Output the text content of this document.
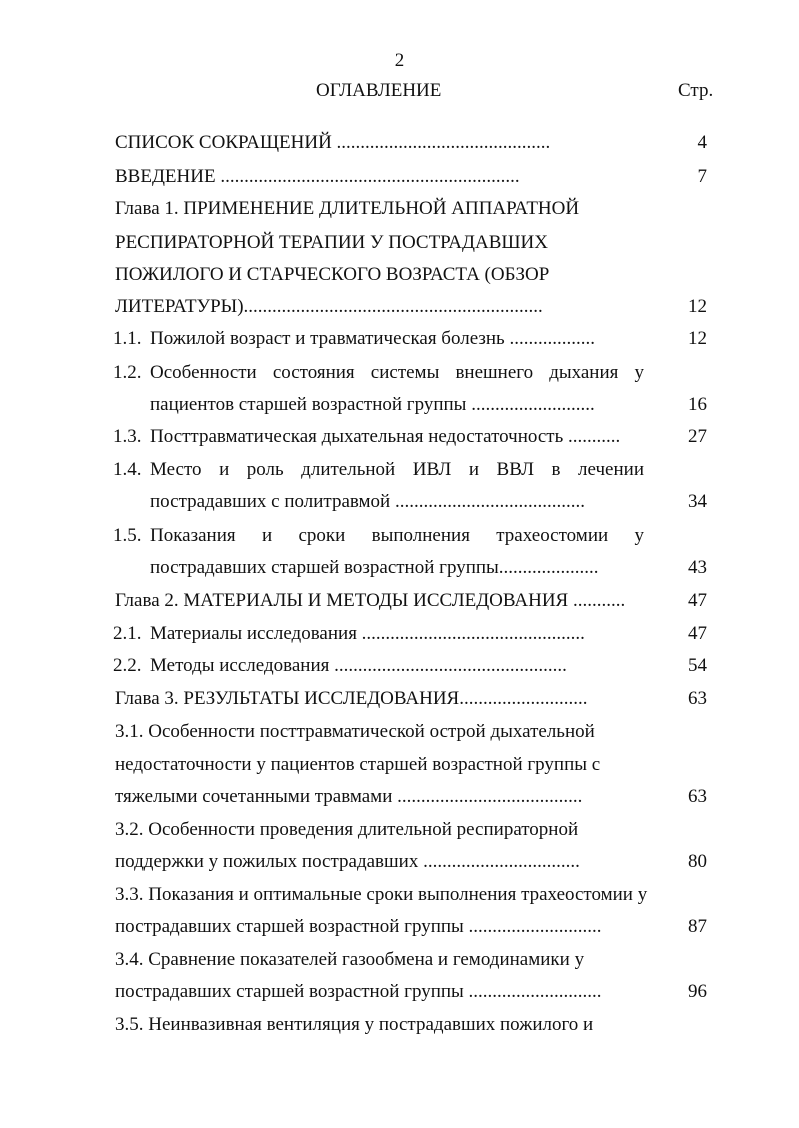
2
ОГЛАВЛЕНИЕ	Стр.
СПИСОК СОКРАЩЕНИЙ .............................................	4
ВВЕДЕНИЕ ...............................................................	7
Глава 1. ПРИМЕНЕНИЕ ДЛИТЕЛЬНОЙ АППАРАТНОЙ
РЕСПИРАТОРНОЙ ТЕРАПИИ У ПОСТРАДАВШИХ
ПОЖИЛОГО И СТАРЧЕСКОГО ВОЗРАСТА (ОБЗОР
ЛИТЕРАТУРЫ)...............................................................	12
1.1. Пожилой возраст и травматическая болезнь ..................	12
1.2. Особенности состояния системы внешнего дыхания у
пациентов старшей возрастной группы ..........................	16
1.3. Посттравматическая дыхательная недостаточность ...........	27
1.4. Место и роль длительной ИВЛ и ВВЛ в лечении
пострадавших с политравмой ........................................	34
1.5. Показания и сроки выполнения трахеостомии у
пострадавших старшей возрастной группы.....................	43
Глава 2. МАТЕРИАЛЫ И МЕТОДЫ ИССЛЕДОВАНИЯ ...........	47
2.1. Материалы исследования ...............................................	47
2.2. Методы исследования .................................................	54
Глава 3. РЕЗУЛЬТАТЫ ИССЛЕДОВАНИЯ...........................	63
3.1. Особенности посттравматической острой дыхательной
недостаточности у пациентов старшей возрастной группы с
тяжелыми сочетанными травмами .......................................	63
3.2. Особенности проведения длительной респираторной
поддержки у пожилых пострадавших .................................	80
3.3. Показания и оптимальные сроки выполнения трахеостомии у
пострадавших старшей возрастной группы ............................	87
3.4. Сравнение показателей газообмена и гемодинамики у
пострадавших старшей возрастной группы ............................	96
3.5. Неинвазивная вентиляция у пострадавших пожилого и
